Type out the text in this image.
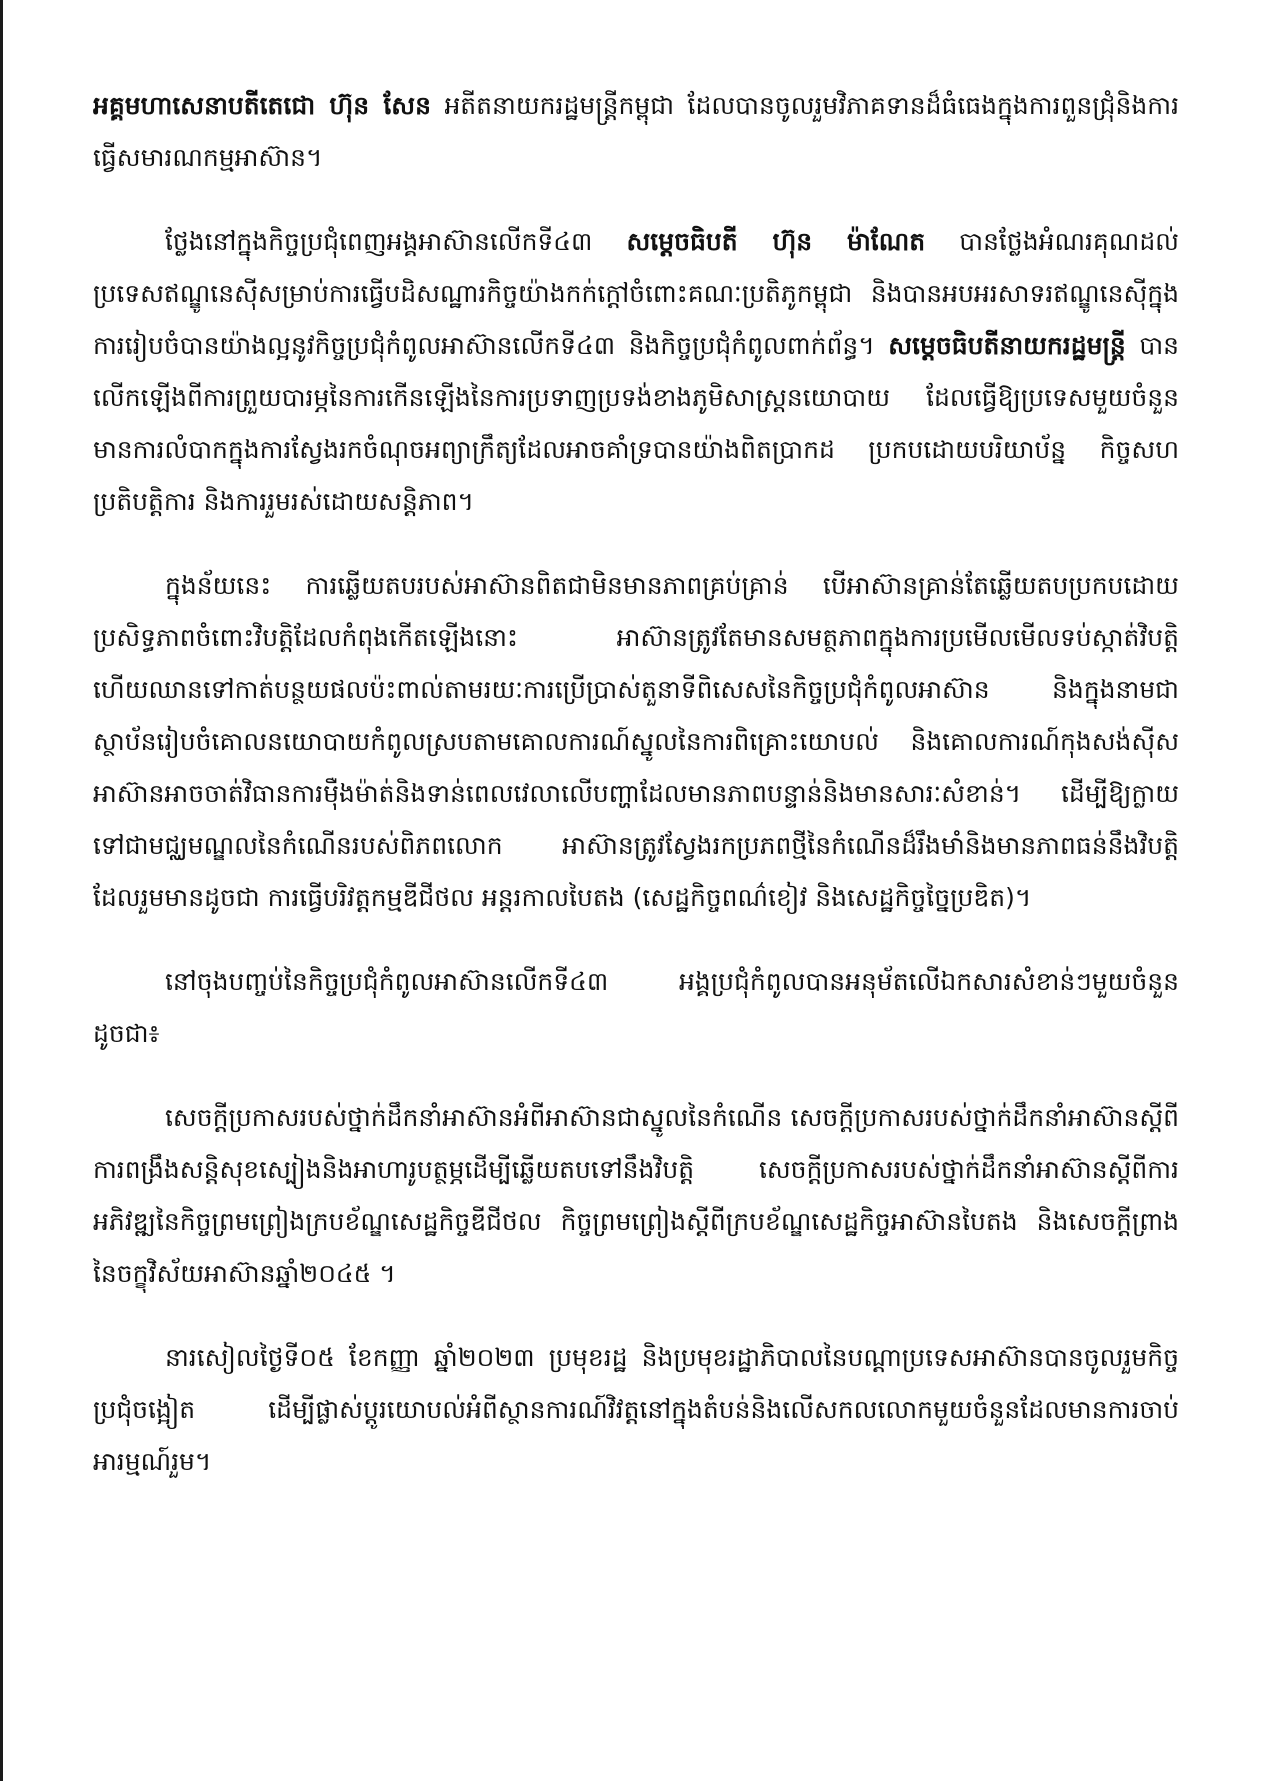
អគ្គមហាសេនាបតីតេជោ ហ៊ុន សែន អតីតនាយករដ្ឋមន្ត្រីកម្ពុជា ដែលបានចូលរួមវិភាគទានដ៏ធំធេងក្នុងការពួនជ្រុំនិងការធ្វើសមារណកម្មអាស៊ាន។

ថ្លែងនៅក្នុងកិច្ចប្រជុំពេញអង្គអាស៊ានលើកទី៤៣ សម្តេចធិបតី ហ៊ុន ម៉ាណែត បានថ្លែងអំណរគុណដល់ប្រទេសឥណ្ឌូនេស៊ីសម្រាប់ការធ្វើបដិសណ្ឋារកិច្ចយ៉ាងកក់ក្តៅចំពោះគណៈប្រតិភូកម្ពុជា និងបានអបអរសាទរឥណ្ឌូនេស៊ីក្នុងការរៀបចំបានយ៉ាងល្អនូវកិច្ចប្រជុំកំពូលអាស៊ានលើកទី៤៣ និងកិច្ចប្រជុំកំពូលពាក់ព័ន្ធ។ សម្តេចធិបតីនាយករដ្ឋមន្ត្រី បានលើកឡើងពីការព្រួយបារម្ភនៃការកើនឡើងនៃការប្រទាញប្រទង់ខាងភូមិសាស្ត្រនយោបាយ ដែលធ្វើឱ្យប្រទេសមួយចំនួនមានការលំបាកក្នុងការស្វែងរកចំណុចអព្យាក្រឹត្យដែលអាចគាំទ្របានយ៉ាងពិតប្រាកដ ប្រកបដោយបរិយាប័ន្ន កិច្ចសហប្រតិបត្តិការ និងការរួមរស់ដោយសន្តិភាព។

ក្នុងន័យនេះ ការឆ្លើយតបរបស់អាស៊ានពិតជាមិនមានភាពគ្រប់គ្រាន់ បើអាស៊ានគ្រាន់តែឆ្លើយតបប្រកបដោយប្រសិទ្ធភាពចំពោះវិបត្តិដែលកំពុងកើតឡើងនោះ អាស៊ានត្រូវតែមានសមត្ថភាពក្នុងការប្រមើលមើលទប់ស្កាត់វិបត្តិ ហើយឈានទៅកាត់បន្ថយផលប៉ះពាល់តាមរយៈការប្រើប្រាស់តួនាទីពិសេសនៃកិច្ចប្រជុំកំពូលអាស៊ាន និងក្នុងនាមជាស្ថាប័នរៀបចំគោលនយោបាយកំពូលស្របតាមគោលការណ៍ស្នូលនៃការពិគ្រោះយោបល់ និងគោលការណ៍កុងសង់ស៊ីស អាស៊ានអាចចាត់វិធានការម៉ឺងម៉ាត់និងទាន់ពេលវេលាលើបញ្ហាដែលមានភាពបន្ទាន់និងមានសារៈសំខាន់។ ដើម្បីឱ្យក្លាយទៅជាមជ្ឈមណ្ឌលនៃកំណើនរបស់ពិភពលោក អាស៊ានត្រូវស្វែងរកប្រភពថ្មីនៃកំណើនដ៏រឹងមាំនិងមានភាពធន់នឹងវិបត្តិ ដែលរួមមានដូចជា ការធ្វើបរិវត្តកម្មឌីជីថល អន្តរកាលបៃតង (សេដ្ឋកិច្ចពណ៌ខៀវ និងសេដ្ឋកិច្ចច្នៃប្រឌិត)។

នៅចុងបញ្ចប់នៃកិច្ចប្រជុំកំពូលអាស៊ានលើកទី៤៣ អង្គប្រជុំកំពូលបានអនុម័តលើឯកសារសំខាន់ៗមួយចំនួនដូចជា៖

សេចក្តីប្រកាសរបស់ថ្នាក់ដឹកនាំអាស៊ានអំពីអាស៊ានជាស្នូលនៃកំណើន សេចក្តីប្រកាសរបស់ថ្នាក់ដឹកនាំអាស៊ានស្តីពីការពង្រឹងសន្តិសុខស្បៀងនិងអាហារូបត្ថម្ភដើម្បីឆ្លើយតបទៅនឹងវិបត្តិ សេចក្តីប្រកាសរបស់ថ្នាក់ដឹកនាំអាស៊ានស្តីពីការអភិវឌ្ឍនៃកិច្ចព្រមព្រៀងក្របខ័ណ្ឌសេដ្ឋកិច្ចឌីជីថល កិច្ចព្រមព្រៀងស្តីពីក្របខ័ណ្ឌសេដ្ឋកិច្ចអាស៊ានបៃតង និងសេចក្តីព្រាងនៃចក្ខុវិស័យអាស៊ានឆ្នាំ២០៤៥ ។

នារសៀលថ្ងៃទី០៥ ខែកញ្ញា ឆ្នាំ២០២៣ ប្រមុខរដ្ឋ និងប្រមុខរដ្ឋាភិបាលនៃបណ្តាប្រទេសអាស៊ានបានចូលរួមកិច្ចប្រជុំចង្អៀត ដើម្បីផ្លាស់ប្តូរយោបល់អំពីស្ថានការណ៍វិវត្តនៅក្នុងតំបន់និងលើសកលលោកមួយចំនួនដែលមានការចាប់អារម្មណ៍រួម។
